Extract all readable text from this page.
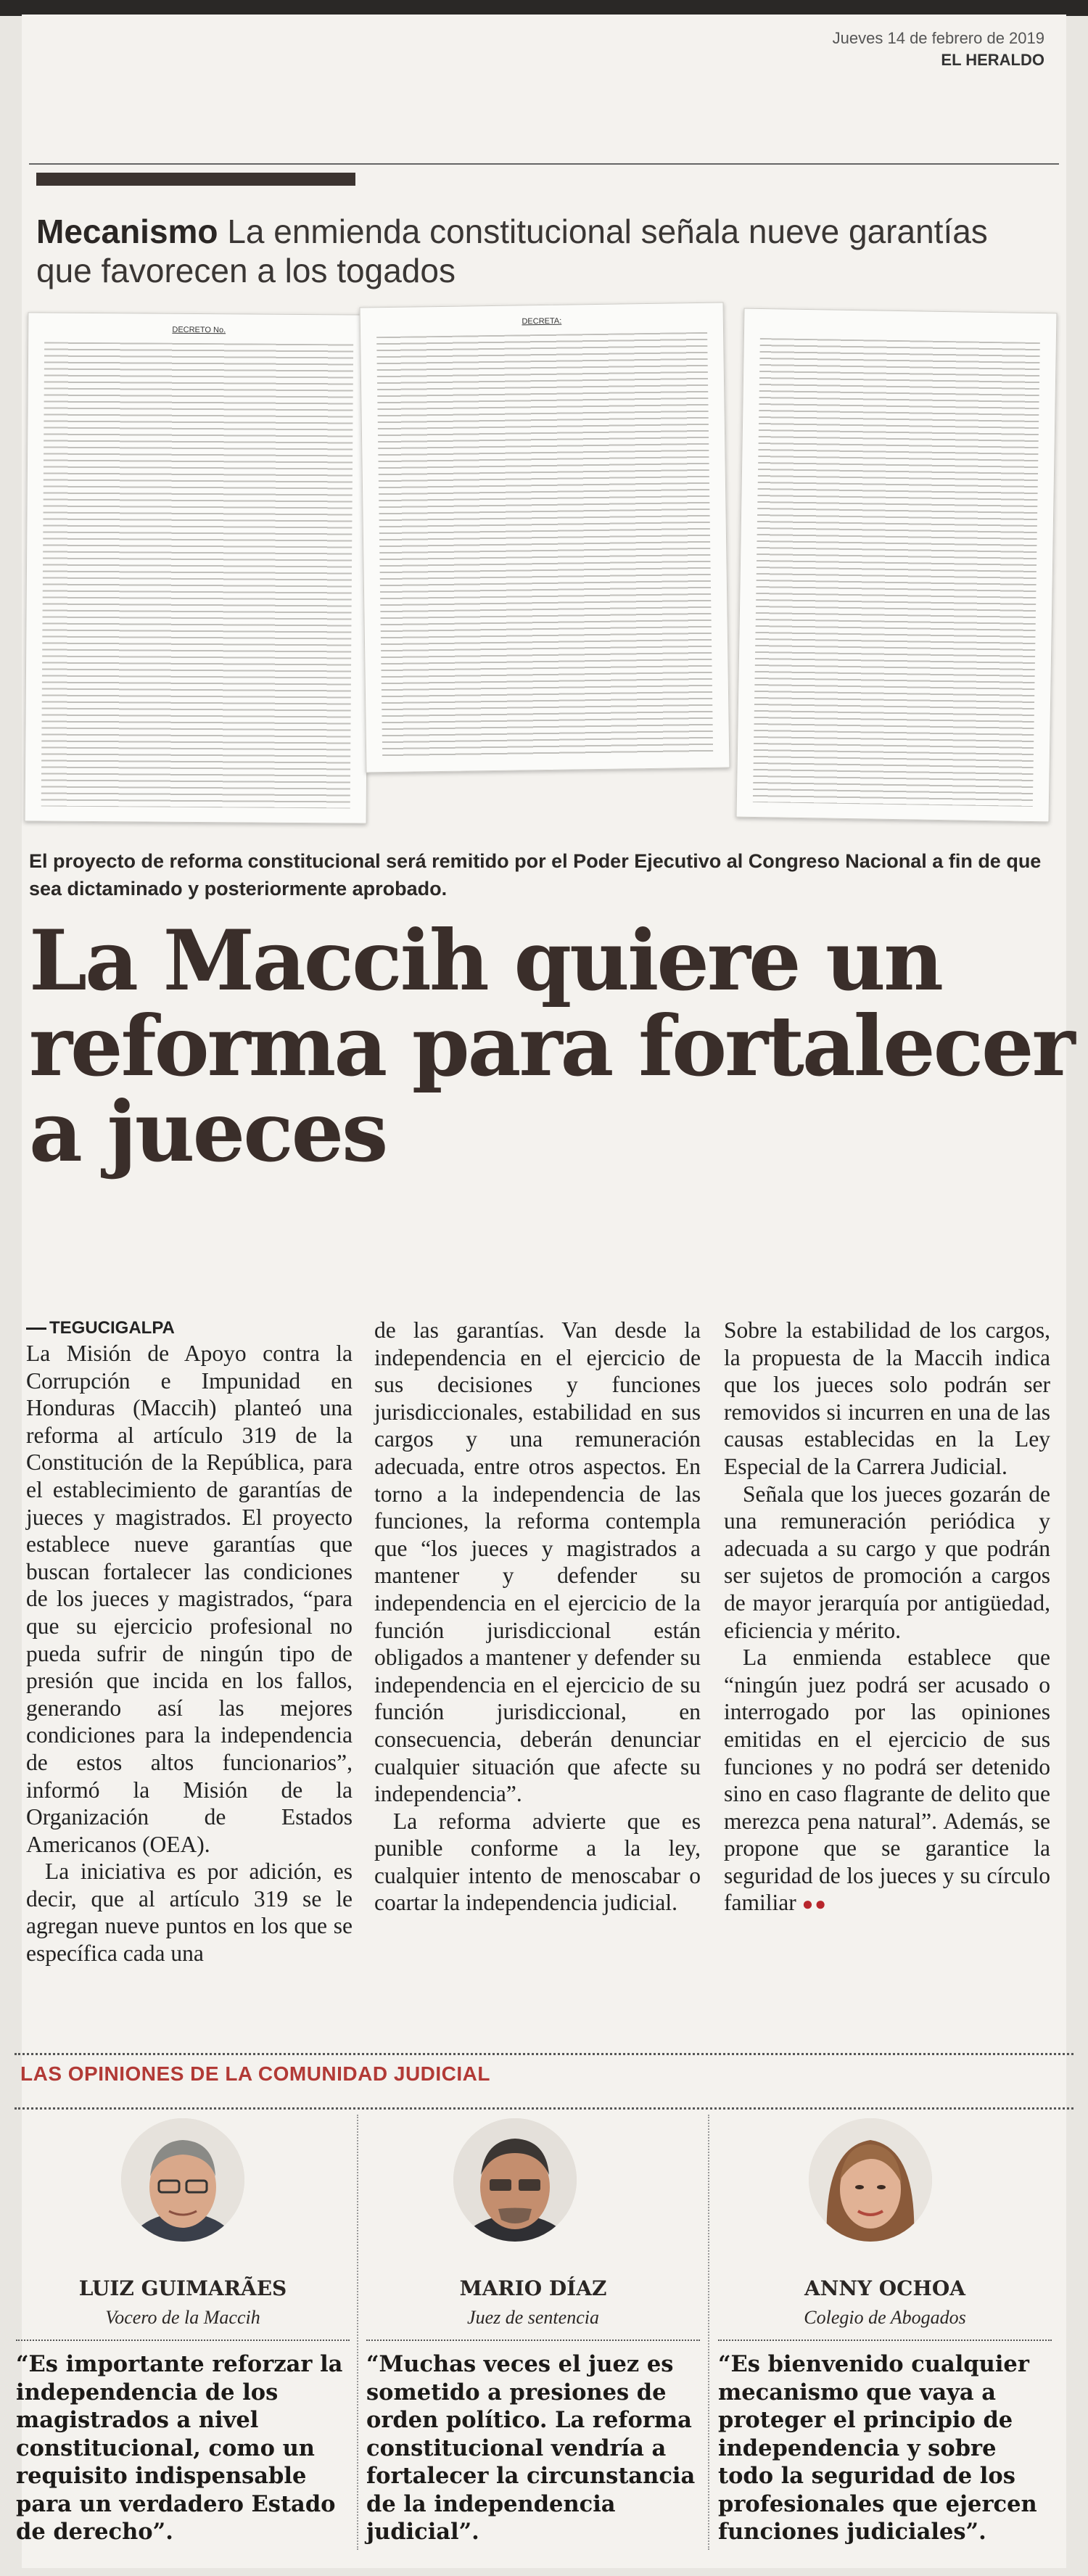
Jueves 14 de febrero de 2019
EL HERALDO
Mecanismo La enmienda constitucional señala nueve garantías que favorecen a los togados
DECRETO No.
DECRETA:
El proyecto de reforma constitucional será remitido por el Poder Ejecutivo al Congreso Nacional a fin de que sea dictaminado y posteriormente aprobado.
La Maccih quiere un reforma para fortalecer a jueces
TEGUCIGALPA

La Misión de Apoyo contra la Corrupción e Impunidad en Honduras (Maccih) planteó una reforma al artículo 319 de la Constitución de la República, para el establecimiento de garantías de jueces y magistrados. El proyecto establece nueve garantías que buscan fortalecer las condiciones de los jueces y magistrados, “para que su ejercicio profesional no pueda sufrir de ningún tipo de presión que incida en los fallos, generando así las mejores condiciones para la independencia de estos altos funcionarios”, informó la Misión de la Organización de Estados Americanos (OEA).

La iniciativa es por adición, es decir, que al artículo 319 se le agregan nueve puntos en los que se específica cada una

de las garantías. Van desde la independencia en el ejercicio de sus decisiones y funciones jurisdiccionales, estabilidad en sus cargos y una remuneración adecuada, entre otros aspectos. En torno a la independencia de las funciones, la reforma contempla que “los jueces y magistrados a mantener y defender su independencia en el ejercicio de la función jurisdiccional están obligados a mantener y defender su independencia en el ejercicio de su función jurisdiccional, en consecuencia, deberán denunciar cualquier situación que afecte su independencia”.

La reforma advierte que es punible conforme a la ley, cualquier intento de menoscabar o coartar la independencia judicial.

Sobre la estabilidad de los cargos, la propuesta de la Maccih indica que los jueces solo podrán ser removidos si incurren en una de las causas establecidas en la Ley Especial de la Carrera Judicial.

Señala que los jueces gozarán de una remuneración periódica y adecuada a su cargo y que podrán ser sujetos de promoción a cargos de mayor jerarquía por antigüedad, eficiencia y mérito.

La enmienda establece que “ningún juez podrá ser acusado o interrogado por las opiniones emitidas en el ejercicio de sus funciones y no podrá ser detenido sino en caso flagrante de delito que merezca pena natural”. Además, se propone que se garantice la seguridad de los jueces y su círculo familiar ●●

LAS OPINIONES DE LA COMUNIDAD JUDICIAL
LUIZ GUIMARÃES
Vocero de la Maccih
“Es importante reforzar la independencia de los magistrados a nivel constitucional, como un requisito indispensable para un verdadero Estado de derecho”.
MARIO DÍAZ
Juez de sentencia
“Muchas veces el juez es sometido a presiones de orden político. La reforma constitucional vendría a fortalecer la circunstancia de la independencia judicial”.
ANNY OCHOA
Colegio de Abogados
“Es bienvenido cualquier mecanismo que vaya a proteger el principio de independencia y sobre todo la seguridad de los profesionales que ejercen funciones judiciales”.
